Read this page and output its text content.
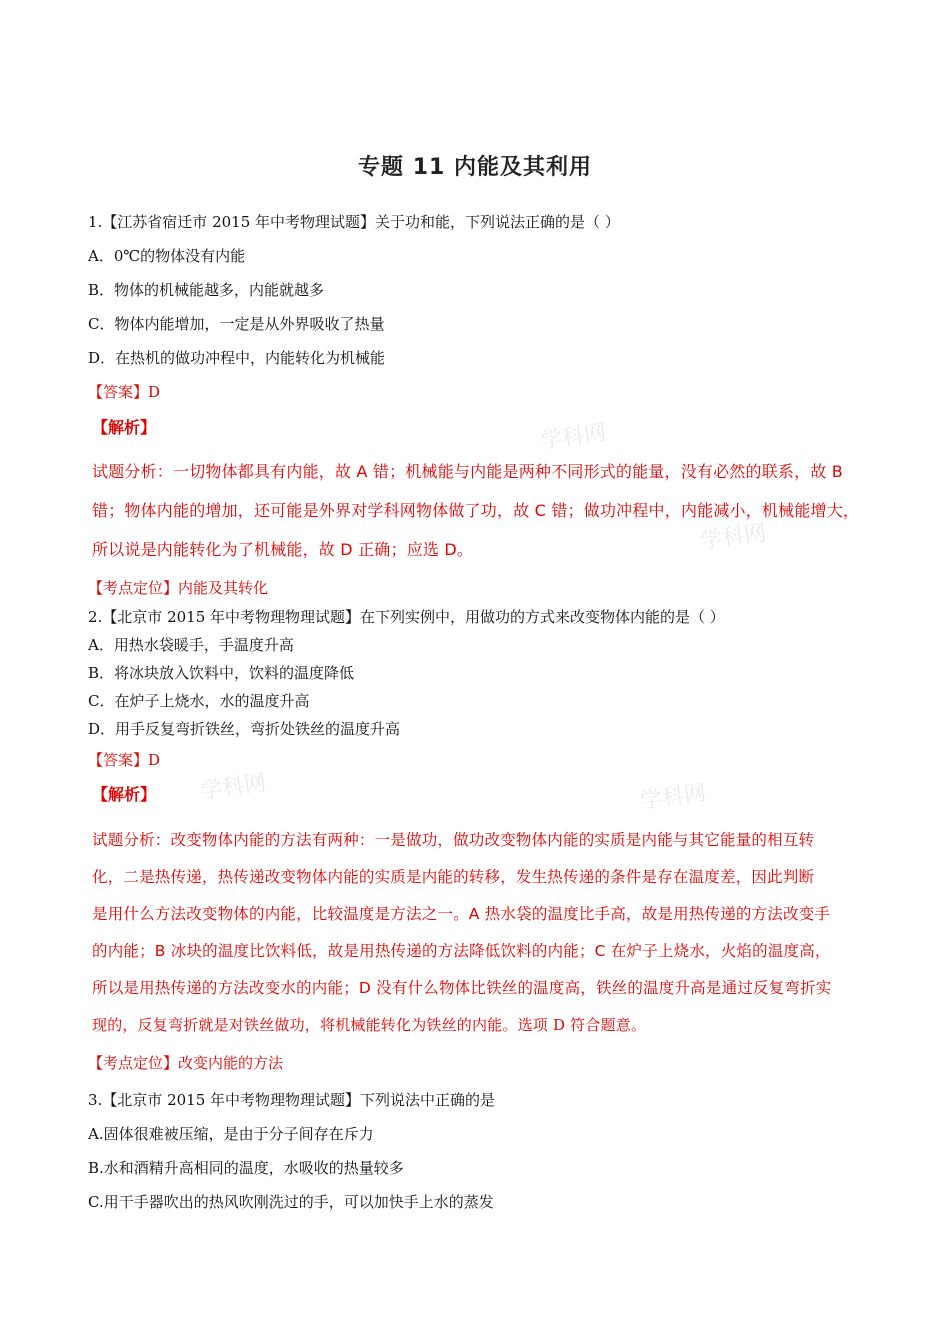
学科网
学科网
学科网	学科网
专题 11 内能及其利用
1.【江苏省宿迁市 2015 年中考物理试题】关于功和能，下列说法正确的是（ ）
A．0℃的物体没有内能
B．物体的机械能越多，内能就越多
C．物体内能增加，一定是从外界吸收了热量
D．在热机的做功冲程中，内能转化为机械能
【答案】D
【解析】

试题分析：一切物体都具有内能，故 A 错；机械能与内能是两种不同形式的能量，没有必然的联系，故 B

错；物体内能的增加，还可能是外界对学科网物体做了功，故 C 错；做功冲程中，内能减小，机械能增大，

所以说是内能转化为了机械能，故 D 正确；应选 D。

【考点定位】内能及其转化
2.【北京市 2015 年中考物理物理试题】在下列实例中，用做功的方式来改变物体内能的是（ ）
A．用热水袋暖手，手温度升高
B．将冰块放入饮料中，饮料的温度降低
C．在炉子上烧水，水的温度升高
D．用手反复弯折铁丝，弯折处铁丝的温度升高
【答案】D
【解析】

试题分析：改变物体内能的方法有两种：一是做功，做功改变物体内能的实质是内能与其它能量的相互转

化，二是热传递，热传递改变物体内能的实质是内能的转移，发生热传递的条件是存在温度差，因此判断

是用什么方法改变物体的内能，比较温度是方法之一。A 热水袋的温度比手高，故是用热传递的方法改变手

的内能；B 冰块的温度比饮料低，故是用热传递的方法降低饮料的内能；C 在炉子上烧水，火焰的温度高，

所以是用热传递的方法改变水的内能；D 没有什么物体比铁丝的温度高，铁丝的温度升高是通过反复弯折实

现的，反复弯折就是对铁丝做功，将机械能转化为铁丝的内能。选项 D 符合题意。

【考点定位】改变内能的方法
3.【北京市 2015 年中考物理物理试题】下列说法中正确的是
A.固体很难被压缩，是由于分子间存在斥力
B.水和酒精升高相同的温度，水吸收的热量较多
C.用干手器吹出的热风吹刚洗过的手，可以加快手上水的蒸发
